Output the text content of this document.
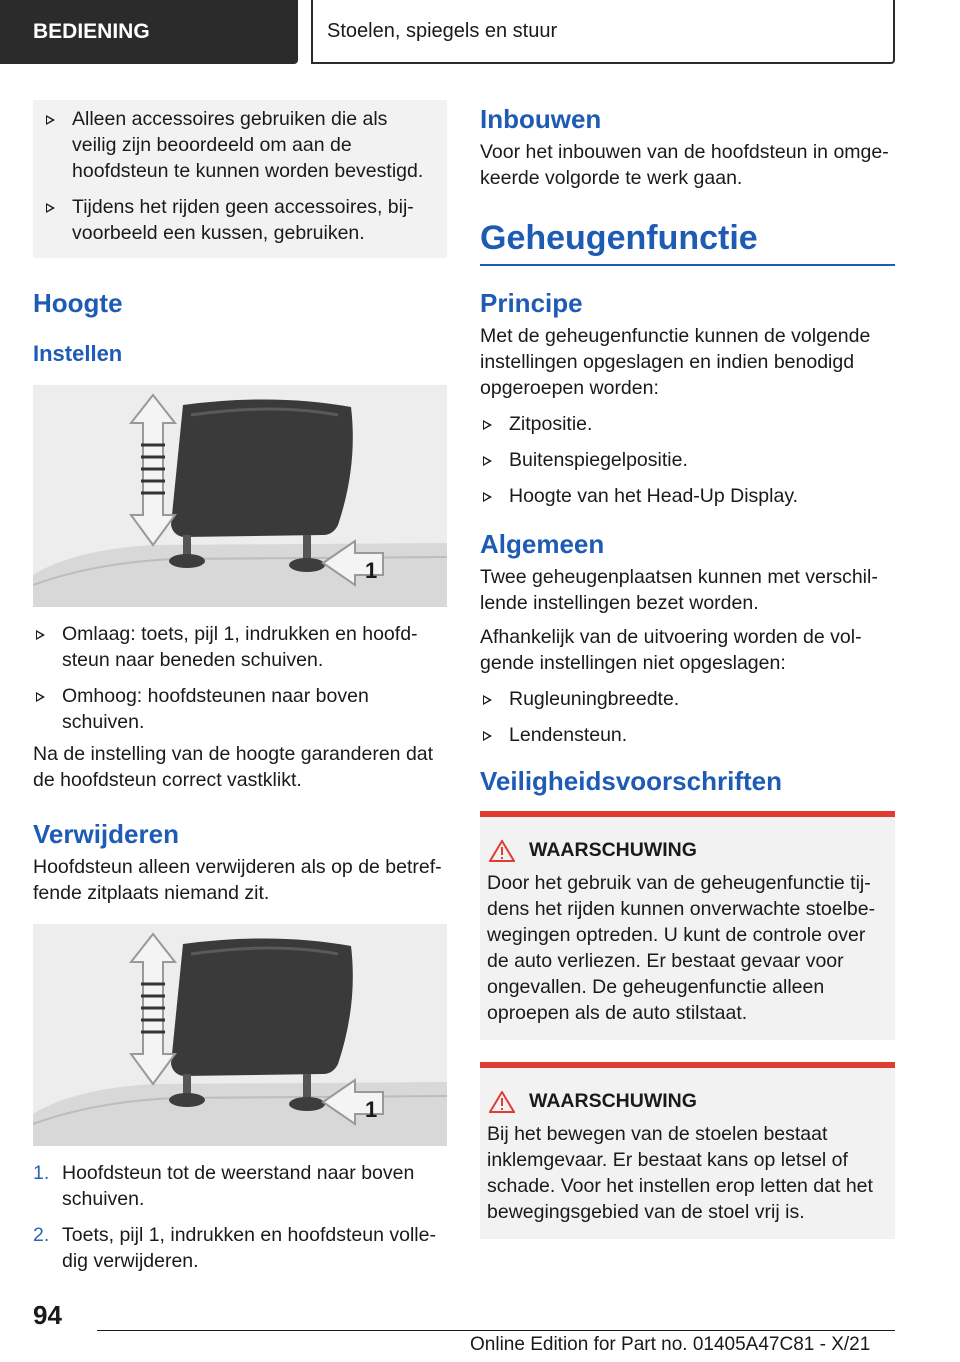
BEDIENING	Stoelen, spiegels en stuur
Alleen accessoires gebruiken die als veilig zijn beoordeeld om aan de hoofdsteun te kunnen worden bevestigd.
Tijdens het rijden geen accessoires, bijvoorbeeld een kussen, gebruiken.
Hoogte
Instellen
1
Omlaag: toets, pijl 1, indrukken en hoofdsteun naar beneden schuiven.
Omhoog: hoofdsteunen naar boven schuiven.

Na de instelling van de hoogte garanderen dat de hoofdsteun correct vastklikt.

Verwijderen

Hoofdsteun alleen verwijderen als op de betreffende zitplaats niemand zit.

1
1. Hoofdsteun tot de weerstand naar boven schuiven.
2. Toets, pijl 1, indrukken en hoofdsteun volledig verwijderen.
Inbouwen

Voor het inbouwen van de hoofdsteun in omgekeerde volgorde te werk gaan.

Geheugenfunctie
Principe

Met de geheugenfunctie kunnen de volgende instellingen opgeslagen en indien benodigd opgeroepen worden:

Zitpositie.
Buitenspiegelpositie.
Hoogte van het Head-Up Display.
Algemeen

Twee geheugenplaatsen kunnen met verschillende instellingen bezet worden.

Afhankelijk van de uitvoering worden de volgende instellingen niet opgeslagen:

Rugleuningbreedte.
Lendensteun.
Veiligheidsvoorschriften
WAARSCHUWING

Door het gebruik van de geheugenfunctie tijdens het rijden kunnen onverwachte stoelbewegingen optreden. U kunt de controle over de auto verliezen. Er bestaat gevaar voor ongevallen. De geheugenfunctie alleen oproepen als de auto stilstaat.

WAARSCHUWING

Bij het bewegen van de stoelen bestaat inklemgevaar. Er bestaat kans op letsel of schade. Voor het instellen erop letten dat het bewegingsgebied van de stoel vrij is.

94
Online Edition for Part no. 01405A47C81 - X/21
